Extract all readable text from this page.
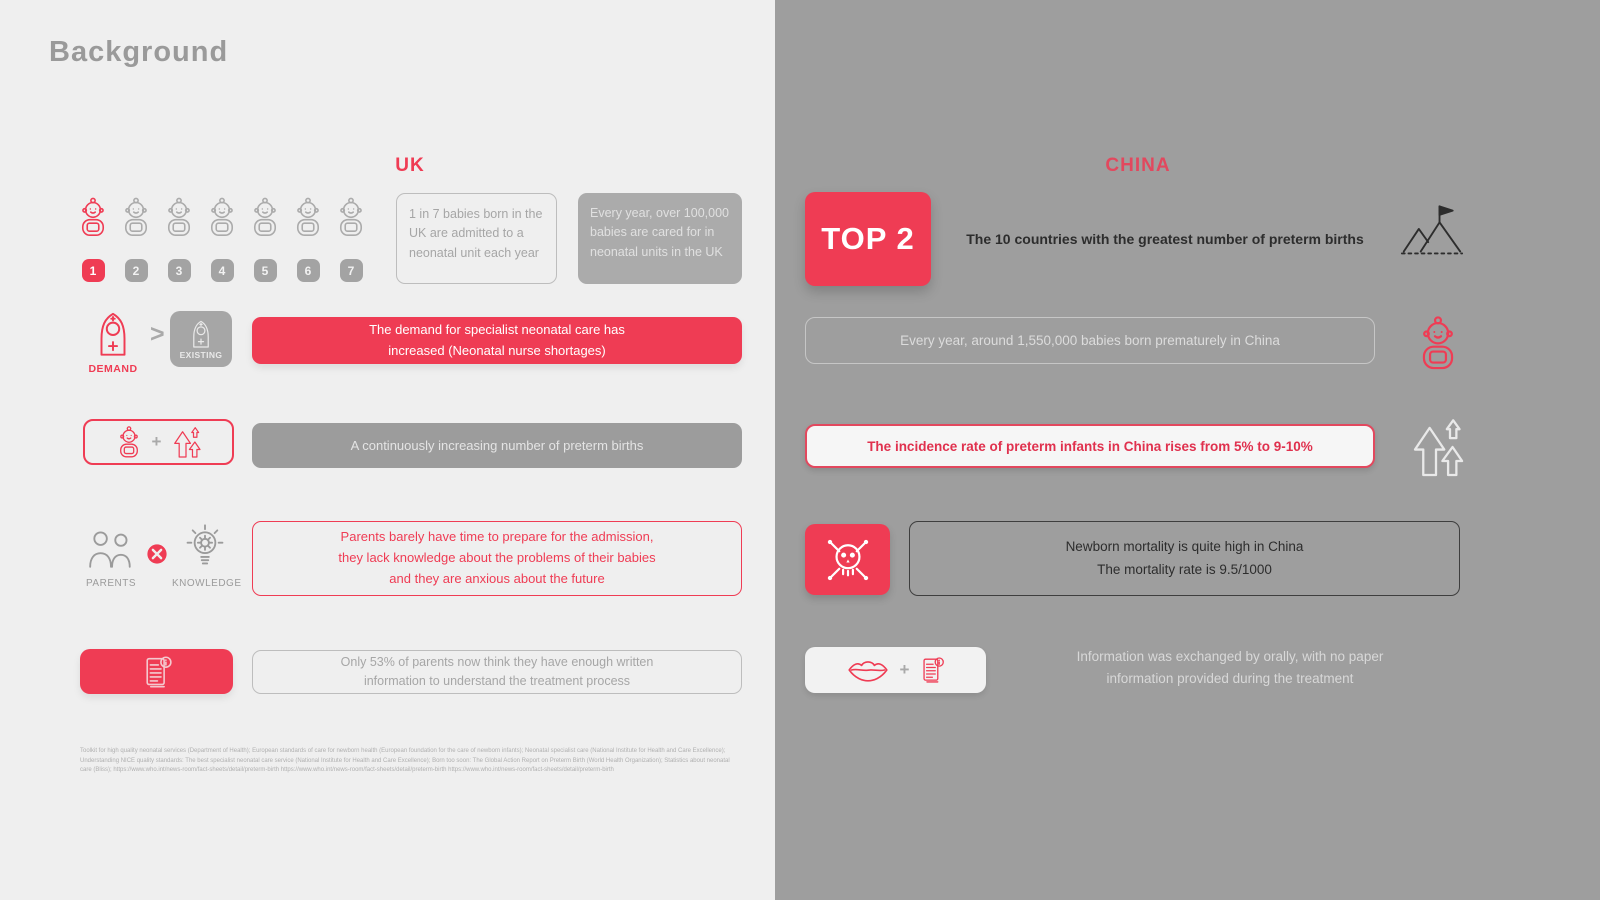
Background
UK
1	2	3	4	5	6	7
1 in 7 babies born in the UK are admitted to a neonatal unit each year
Every year, over 100,000 babies are cared for in neonatal units in the UK
DEMAND
>
EXISTING
The demand for specialist neonatal care has
increased (Neonatal nurse shortages)
+	A continuously increasing number of preterm births
PARENTS	KNOWLEDGE
Parents barely have time to prepare for the admission,
they lack knowledge about the problems of their babies
and they are anxious about the future
Only 53% of parents now think they have enough written
information to understand the treatment process
Toolkit for high quality neonatal services (Department of Health); European standards of care for newborn health (European foundation for the care of newborn infants); Neonatal specialist care (National Institute for Health and Care Excellence); Understanding NICE quality standards: The best specialist neonatal care service (National Institute for Health and Care Excellence); Born too soon: The Global Action Report on Preterm Birth (World Health Organization); Statistics about neonatal care (Bliss); https://www.who.int/news-room/fact-sheets/detail/preterm-birth https://www.who.int/news-room/fact-sheets/detail/preterm-birth https://www.who.int/news-room/fact-sheets/detail/preterm-birth
CHINA
TOP 2	The 10 countries with the greatest number of preterm births
Every year, around 1,550,000 babies born prematurely in China
The incidence rate of preterm infants in China rises from 5% to 9-10%
Newborn mortality is quite high in China
The mortality rate is 9.5/1000
+
Information was exchanged by orally, with no paper
information provided during the treatment
